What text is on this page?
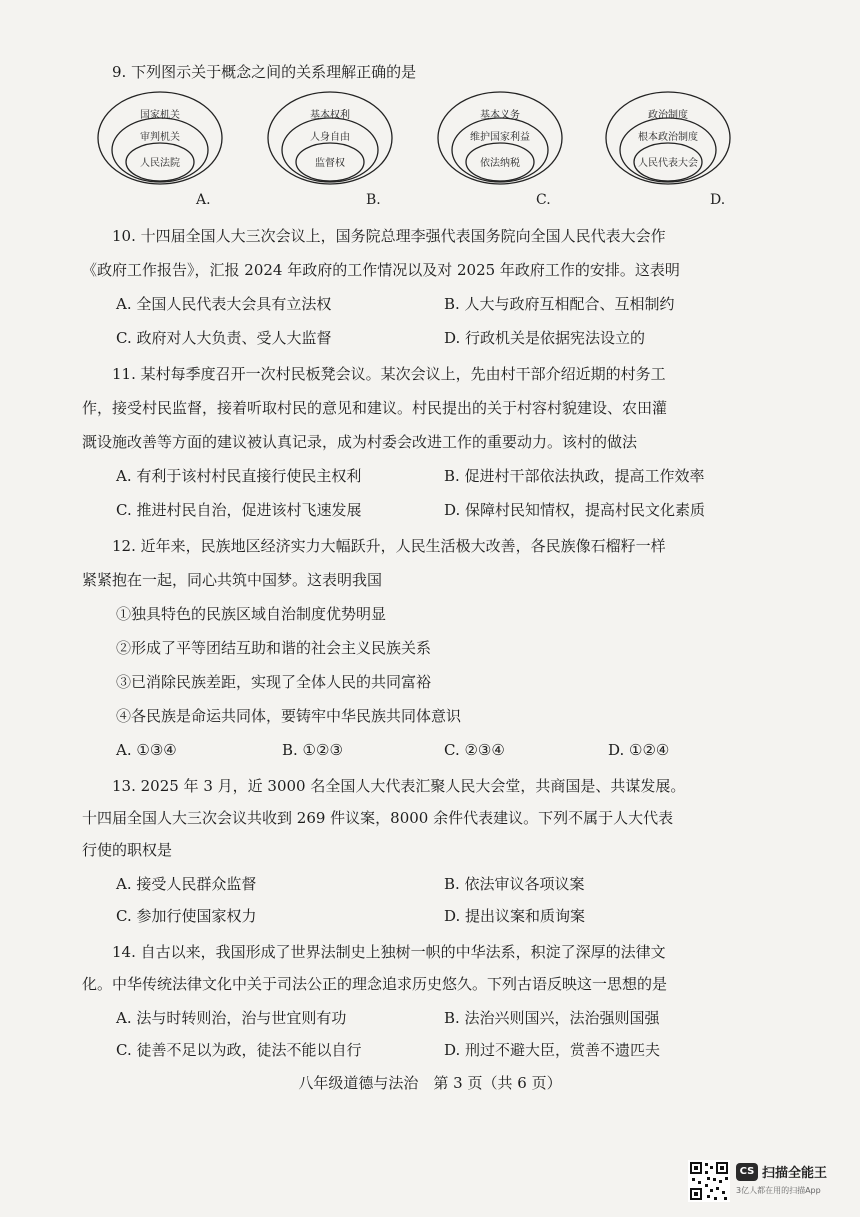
9. 下列图示关于概念之间的关系理解正确的是
国家机关
审判机关
人民法院
A.
基本权利
人身自由
监督权
B.
基本义务
维护国家利益
依法纳税
C.
政治制度
根本政治制度
人民代表大会
D.
10. 十四届全国人大三次会议上，国务院总理李强代表国务院向全国人民代表大会作
《政府工作报告》，汇报 2024 年政府的工作情况以及对 2025 年政府工作的安排。这表明
A. 全国人民代表大会具有立法权	B. 人大与政府互相配合、互相制约
C. 政府对人大负责、受人大监督	D. 行政机关是依据宪法设立的
11. 某村每季度召开一次村民板凳会议。某次会议上，先由村干部介绍近期的村务工
作，接受村民监督，接着听取村民的意见和建议。村民提出的关于村容村貌建设、农田灌
溉设施改善等方面的建议被认真记录，成为村委会改进工作的重要动力。该村的做法
A. 有利于该村村民直接行使民主权利	B. 促进村干部依法执政，提高工作效率
C. 推进村民自治，促进该村飞速发展	D. 保障村民知情权，提高村民文化素质
12. 近年来，民族地区经济实力大幅跃升，人民生活极大改善，各民族像石榴籽一样
紧紧抱在一起，同心共筑中国梦。这表明我国
①独具特色的民族区域自治制度优势明显
②形成了平等团结互助和谐的社会主义民族关系
③已消除民族差距，实现了全体人民的共同富裕
④各民族是命运共同体，要铸牢中华民族共同体意识
A. ①③④	B. ①②③	C. ②③④	D. ①②④
13. 2025 年 3 月，近 3000 名全国人大代表汇聚人民大会堂，共商国是、共谋发展。
十四届全国人大三次会议共收到 269 件议案，8000 余件代表建议。下列不属于人大代表
行使的职权是
A. 接受人民群众监督	B. 依法审议各项议案
C. 参加行使国家权力	D. 提出议案和质询案
14. 自古以来，我国形成了世界法制史上独树一帜的中华法系，积淀了深厚的法律文
化。中华传统法律文化中关于司法公正的理念追求历史悠久。下列古语反映这一思想的是
A. 法与时转则治，治与世宜则有功	B. 法治兴则国兴，法治强则国强
C. 徒善不足以为政，徒法不能以自行	D. 刑过不避大臣，赏善不遗匹夫
八年级道德与法治　第 3 页（共 6 页）
CS 扫描全能王
3亿人都在用的扫描App
